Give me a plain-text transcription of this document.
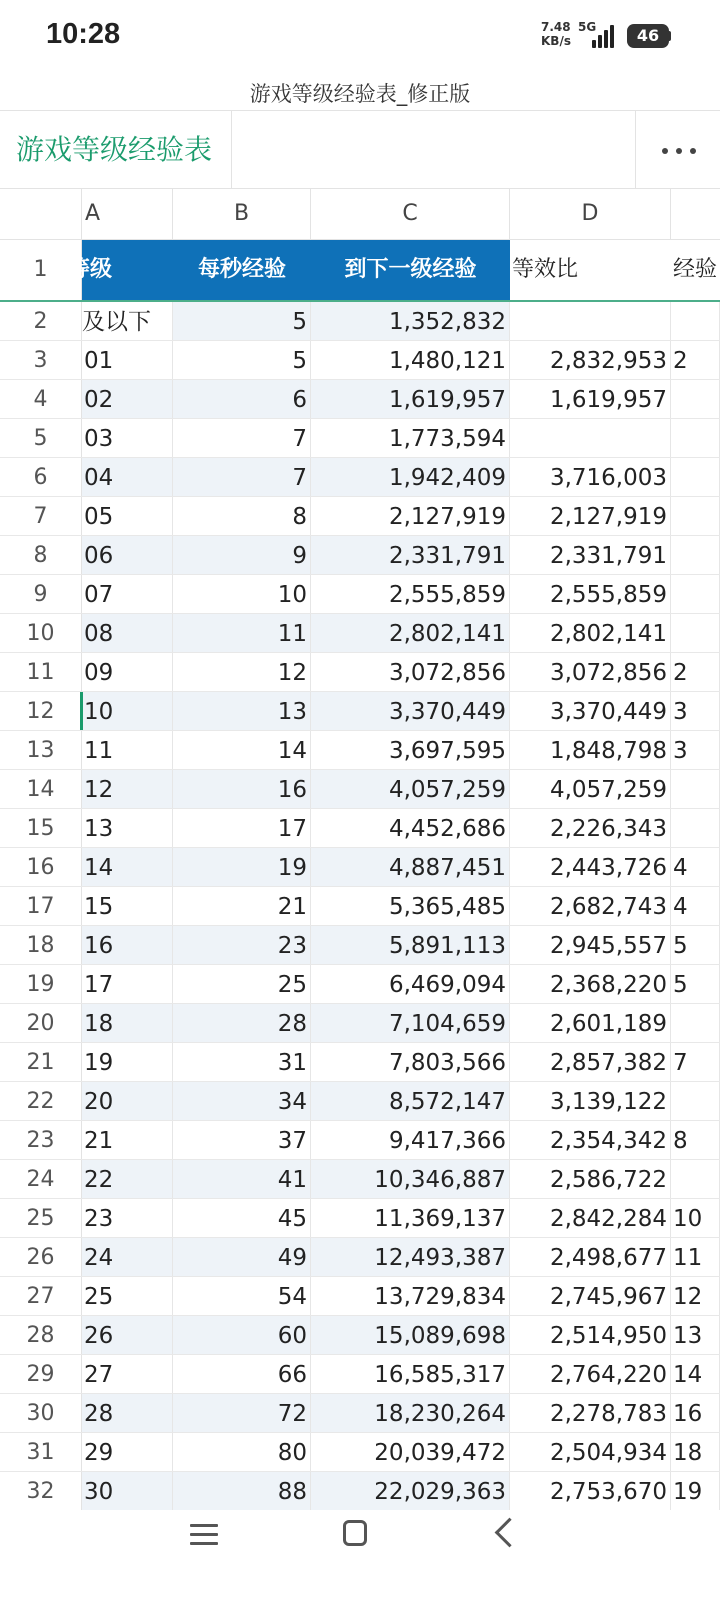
10:28	7.48
KB/s
5G	46
游戏等级经验表_修正版
游戏等级经验表
A	B	C	D
1 等级	每秒经验	到下一级经验	等效比	经验
2	及以下	5	1,352,832
3	01	5	1,480,121	2,832,953 2
4	02	6	1,619,957	1,619,957
5	03	7	1,773,594
6	04	7	1,942,409	3,716,003
7	05	8	2,127,919	2,127,919
8	06	9	2,331,791	2,331,791
9	07	10	2,555,859	2,555,859
10	08	11	2,802,141	2,802,141
11	09	12	3,072,856	3,072,856 2
12	10	13	3,370,449	3,370,449 3
13	11	14	3,697,595	1,848,798 3
14	12	16	4,057,259	4,057,259
15	13	17	4,452,686	2,226,343
16	14	19	4,887,451	2,443,726 4
17	15	21	5,365,485	2,682,743 4
18	16	23	5,891,113	2,945,557 5
19	17	25	6,469,094	2,368,220 5
20	18	28	7,104,659	2,601,189
21	19	31	7,803,566	2,857,382 7
22	20	34	8,572,147	3,139,122
23	21	37	9,417,366	2,354,342 8
24	22	41	10,346,887	2,586,722
25	23	45	11,369,137	2,842,284 10
26	24	49	12,493,387	2,498,677 11
27	25	54	13,729,834	2,745,967 12
28	26	60	15,089,698	2,514,950 13
29	27	66	16,585,317	2,764,220 14
30	28	72	18,230,264	2,278,783 16
31	29	80	20,039,472	2,504,934 18
32	30	88	22,029,363	2,753,670 19
